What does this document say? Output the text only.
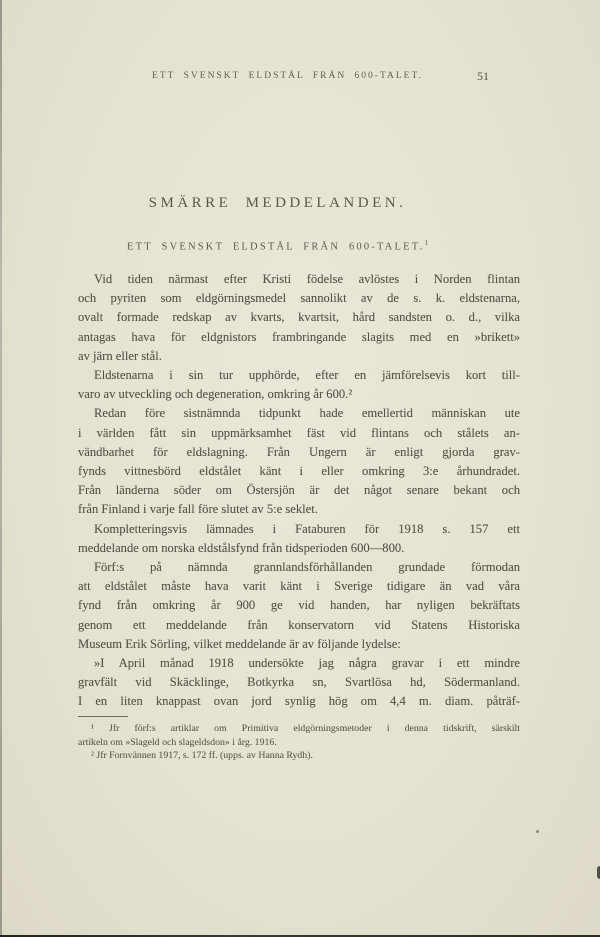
ETT SVENSKT ELDSTÅL FRÅN 600-TALET.	51
SMÄRRE MEDDELANDEN.
ETT SVENSKT ELDSTÅL FRÅN 600-TALET.$^1$
Vid tiden närmast efter Kristi födelse avlöstes i Norden flintan
och pyriten som eldgörningsmedel sannolikt av de s. k. eldstenarna,
ovalt formade redskap av kvarts, kvartsit, hård sandsten o. d., vilka
antagas hava för eldgnistors frambringande slagits med en »brikett»
av järn eller stål.
Eldstenarna i sin tur upphörde, efter en jämförelsevis kort till-
varo av utveckling och degeneration, omkring år 600.²
Redan före sistnämnda tidpunkt hade emellertid människan ute
i världen fått sin uppmärksamhet fäst vid flintans och stålets an-
vändbarhet för eldslagning. Från Ungern är enligt gjorda grav-
fynds vittnesbörd eldstålet känt i eller omkring 3:e århundradet.
Från länderna söder om Östersjön är det något senare bekant och
från Finland i varje fall före slutet av 5:e seklet.
Kompletteringsvis lämnades i Fataburen för 1918 s. 157 ett
meddelande om norska eldstålsfynd från tidsperioden 600—800.
Förf:s på nämnda grannlandsförhållanden grundade förmodan
att eldstålet måste hava varit känt i Sverige tidigare än vad våra
fynd från omkring år 900 ge vid handen, har nyligen bekräftats
genom ett meddelande från konservatorn vid Statens Historiska
Museum Erik Sörling, vilket meddelande är av följande lydelse:
»I April månad 1918 undersökte jag några gravar i ett mindre
gravfält vid Skäcklinge, Botkyrka sn, Svartlösa hd, Södermanland.
I en liten knappast ovan jord synlig hög om 4,4 m. diam. påträf-
¹ Jfr förf:s artiklar om Primitiva eldgörningsmetoder i denna tidskrift, särskilt
artikeln om »Slageld och slageldsdon» i årg. 1916.
² Jfr Fornvännen 1917, s. 172 ff. (upps. av Hanna Rydh).
